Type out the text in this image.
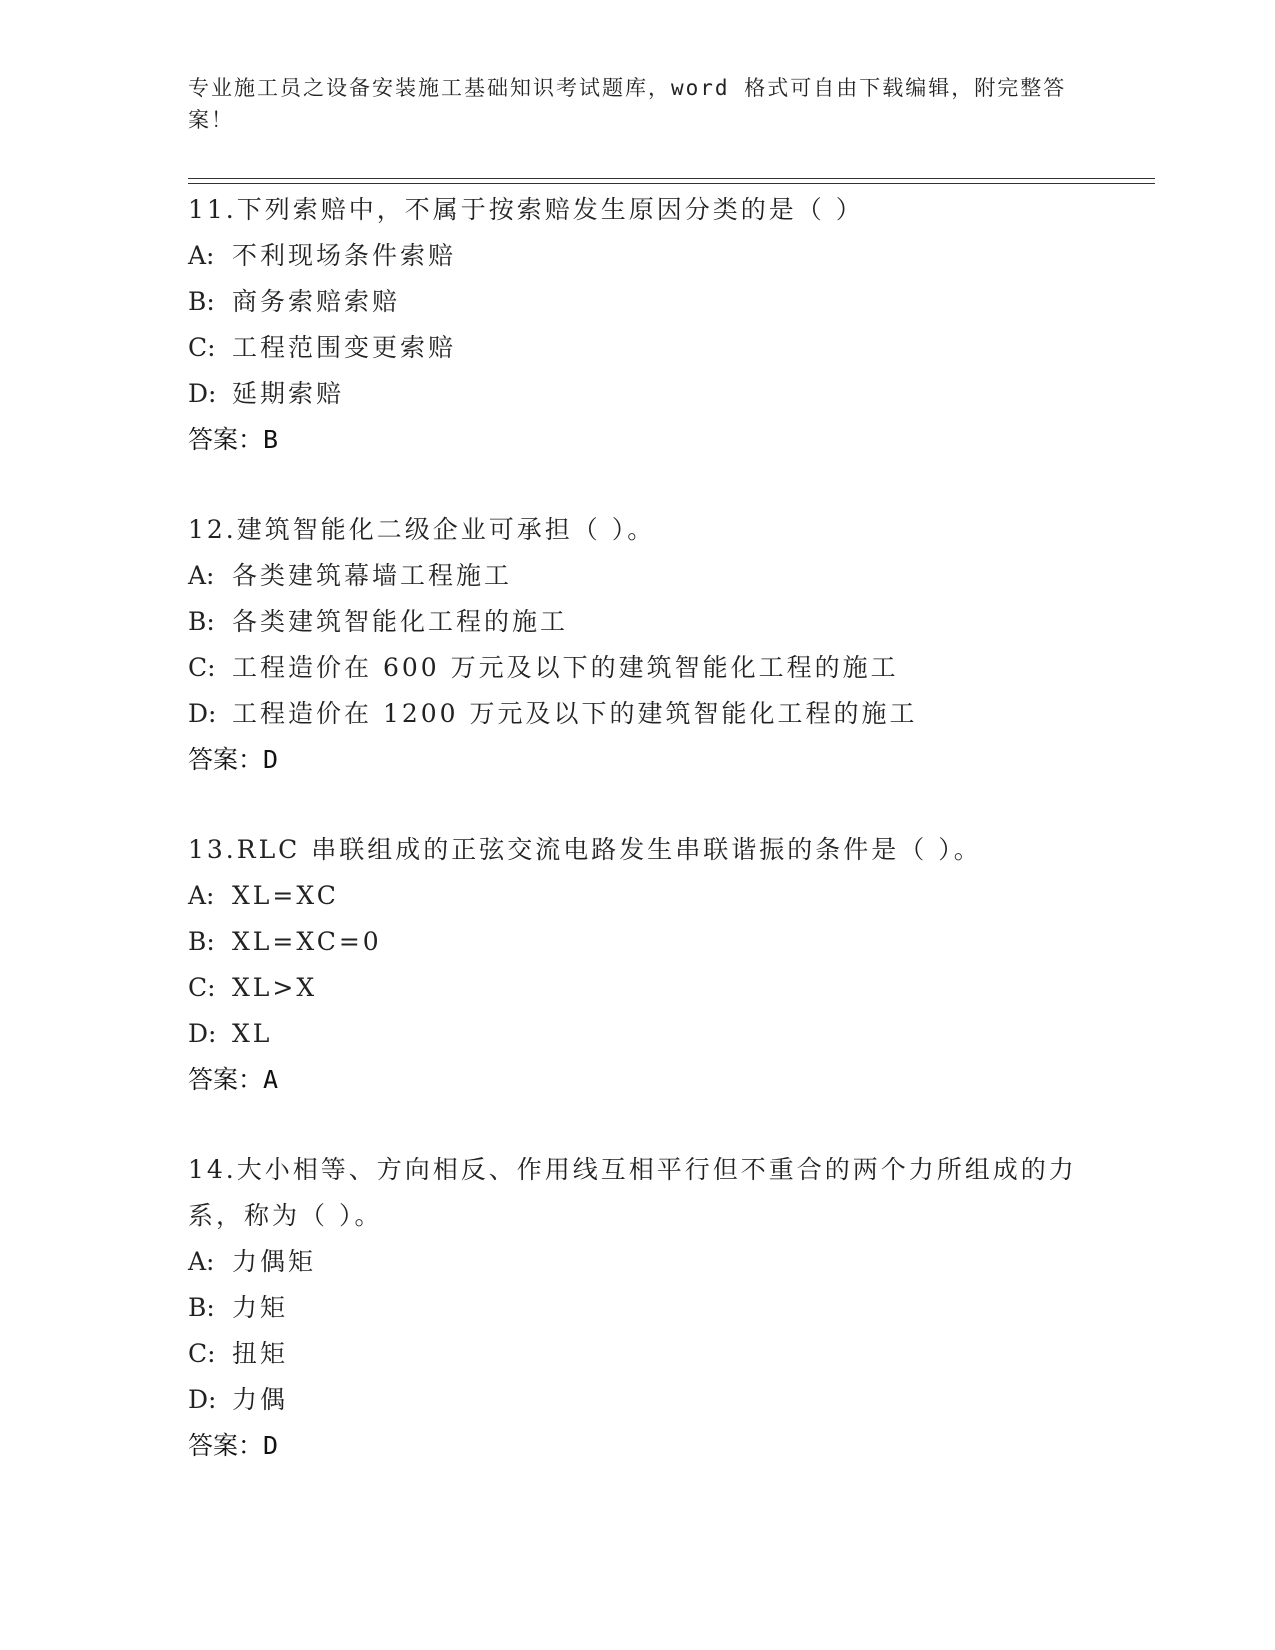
专业施工员之设备安装施工基础知识考试题库，word 格式可自由下载编辑，附完整答案！

11.下列索赔中，不属于按索赔发生原因分类的是（ ）

A: 不利现场条件索赔

B: 商务索赔索赔

C: 工程范围变更索赔

D: 延期索赔

答案：B

12.建筑智能化二级企业可承担（ ）。

A: 各类建筑幕墙工程施工

B: 各类建筑智能化工程的施工

C: 工程造价在 600 万元及以下的建筑智能化工程的施工

D: 工程造价在 1200 万元及以下的建筑智能化工程的施工

答案：D

13.RLC 串联组成的正弦交流电路发生串联谐振的条件是（ ）。

A: XL=XC

B: XL=XC=0

C: XL>X

D: XL

答案：A

14.大小相等、方向相反、作用线互相平行但不重合的两个力所组成的力系，称为（ ）。

A: 力偶矩

B: 力矩

C: 扭矩

D: 力偶

答案：D
